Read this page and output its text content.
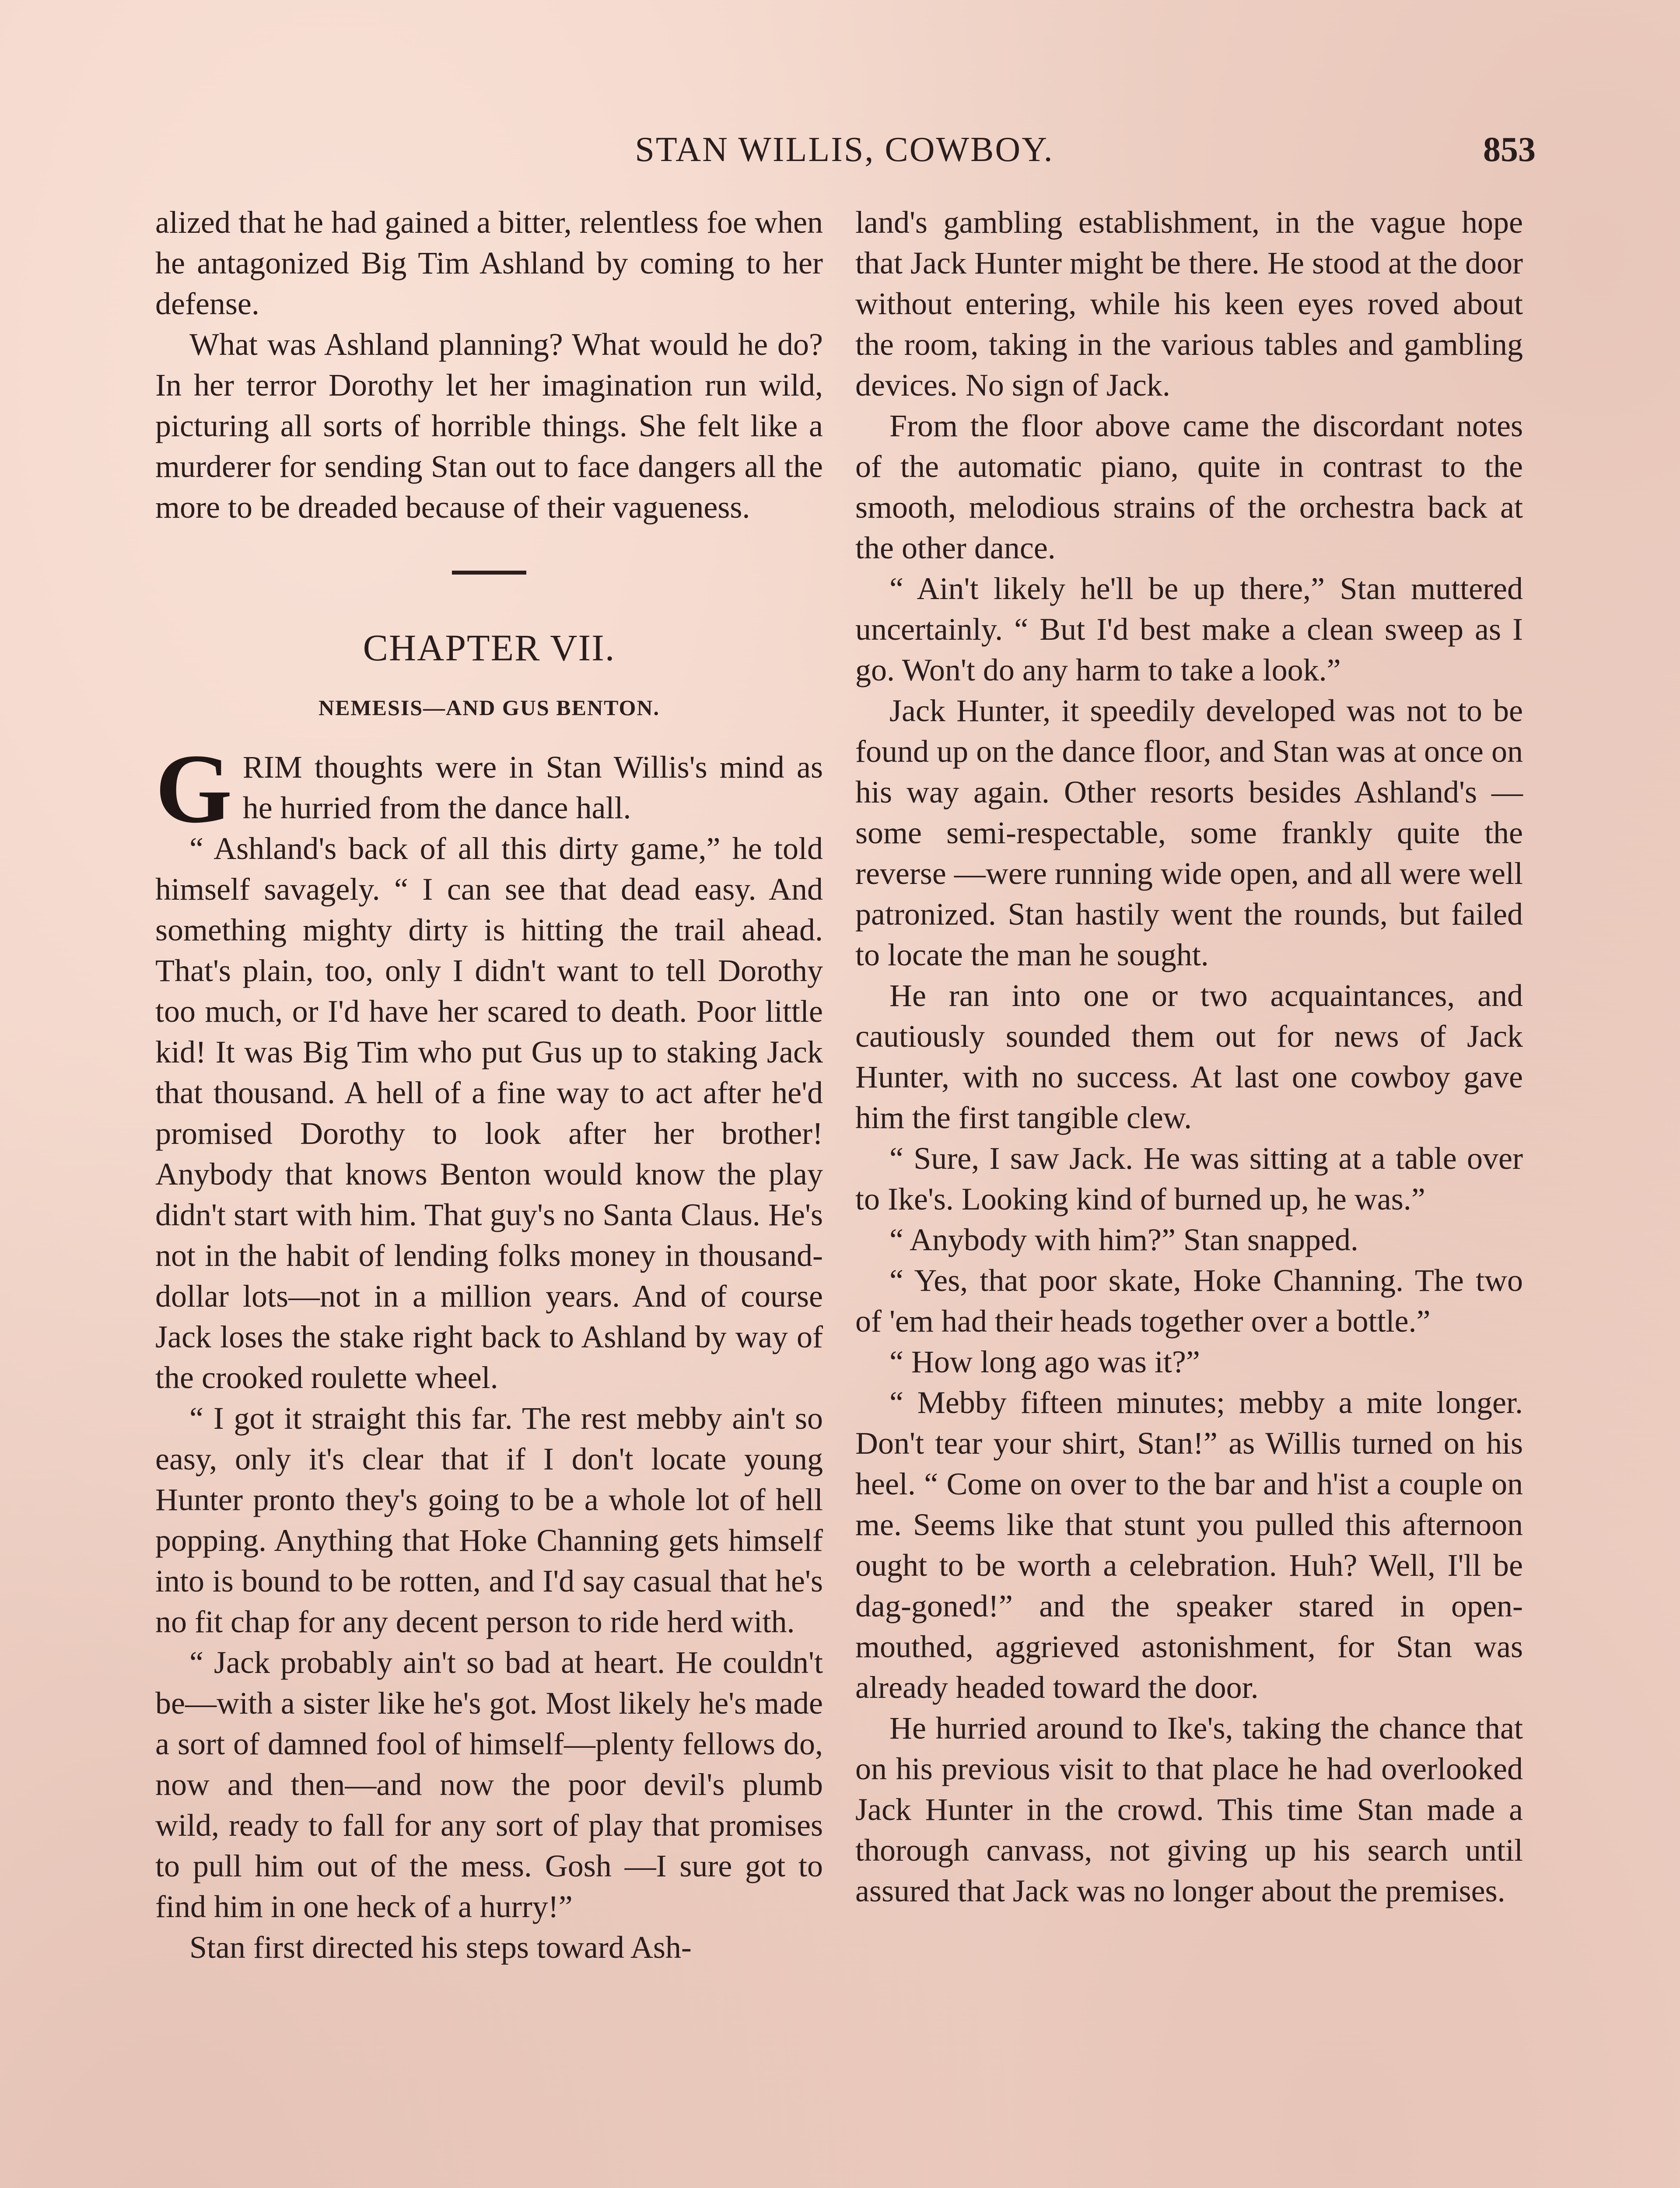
STAN WILLIS, COWBOY.	853

alized that he had gained a bitter, relentless foe when he antagonized Big Tim Ashland by coming to her defense.

What was Ashland planning? What would he do? In her terror Dorothy let her imagination run wild, picturing all sorts of horrible things. She felt like a murderer for sending Stan out to face dangers all the more to be dreaded because of their vagueness.

CHAPTER VII.
NEMESIS—AND GUS BENTON.

GRIM thoughts were in Stan Willis's mind as he hurried from the dance hall.

“ Ashland's back of all this dirty game,” he told himself savagely. “ I can see that dead easy. And something mighty dirty is hitting the trail ahead. That's plain, too, only I didn't want to tell Dorothy too much, or I'd have her scared to death. Poor little kid! It was Big Tim who put Gus up to staking Jack that thousand. A hell of a fine way to act after he'd promised Dorothy to look after her brother! Anybody that knows Benton would know the play didn't start with him. That guy's no Santa Claus. He's not in the habit of lending folks money in thousand-dollar lots—not in a million years. And of course Jack loses the stake right back to Ashland by way of the crooked roulette wheel.

“ I got it straight this far. The rest mebby ain't so easy, only it's clear that if I don't locate young Hunter pronto they's going to be a whole lot of hell popping. Anything that Hoke Channing gets himself into is bound to be rotten, and I'd say casual that he's no fit chap for any decent person to ride herd with.

“ Jack probably ain't so bad at heart. He couldn't be—with a sister like he's got. Most likely he's made a sort of damned fool of himself—plenty fellows do, now and then—and now the poor devil's plumb wild, ready to fall for any sort of play that promises to pull him out of the mess. Gosh —I sure got to find him in one heck of a hurry!”

Stan first directed his steps toward Ash-

land's gambling establishment, in the vague hope that Jack Hunter might be there. He stood at the door without entering, while his keen eyes roved about the room, taking in the various tables and gambling devices. No sign of Jack.

From the floor above came the discordant notes of the automatic piano, quite in contrast to the smooth, melodious strains of the orchestra back at the other dance.

“ Ain't likely he'll be up there,” Stan muttered uncertainly. “ But I'd best make a clean sweep as I go. Won't do any harm to take a look.”

Jack Hunter, it speedily developed was not to be found up on the dance floor, and Stan was at once on his way again. Other resorts besides Ashland's — some semi-respectable, some frankly quite the reverse —were running wide open, and all were well patronized. Stan hastily went the rounds, but failed to locate the man he sought.

He ran into one or two acquaintances, and cautiously sounded them out for news of Jack Hunter, with no success. At last one cowboy gave him the first tangible clew.

“ Sure, I saw Jack. He was sitting at a table over to Ike's. Looking kind of burned up, he was.”

“ Anybody with him?” Stan snapped.

“ Yes, that poor skate, Hoke Channing. The two of 'em had their heads together over a bottle.”

“ How long ago was it?”

“ Mebby fifteen minutes; mebby a mite longer. Don't tear your shirt, Stan!” as Willis turned on his heel. “ Come on over to the bar and h'ist a couple on me. Seems like that stunt you pulled this afternoon ought to be worth a celebration. Huh? Well, I'll be dag-goned!” and the speaker stared in open-mouthed, aggrieved astonishment, for Stan was already headed toward the door.

He hurried around to Ike's, taking the chance that on his previous visit to that place he had overlooked Jack Hunter in the crowd. This time Stan made a thorough canvass, not giving up his search until assured that Jack was no longer about the premises.
